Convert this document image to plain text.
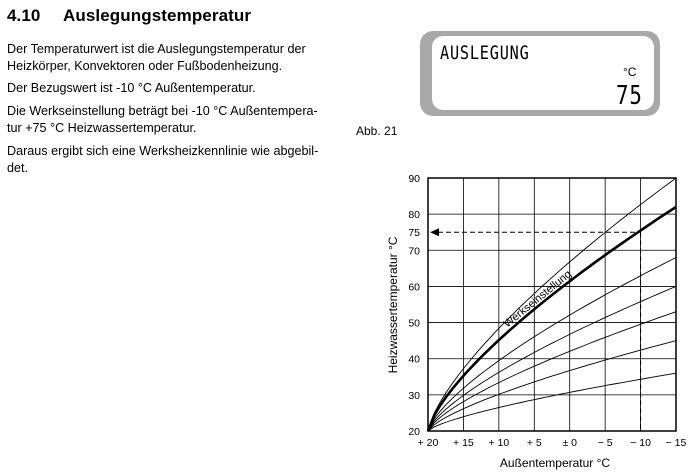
4.10 Auslegungstemperatur
Der Temperaturwert ist die Auslegungstemperatur der
Heizkörper, Konvektoren oder Fußbodenheizung.
Der Bezugswert ist -10 °C Außentemperatur.
Die Werkseinstellung beträgt bei -10 °C Außentempera-
tur +75 °C Heizwassertemperatur.
Daraus ergibt sich eine Werksheizkennlinie wie abgebil-
det.
AUSLEGUNG
°C
75
Abb. 21
+ 20 + 15 + 10 + 5 ± 0 − 5 − 10 − 15
20
30
40
50
60
70
75
80
90
Außentemperatur °C
Heizwassertemperatur °C	Werkseinstellung
